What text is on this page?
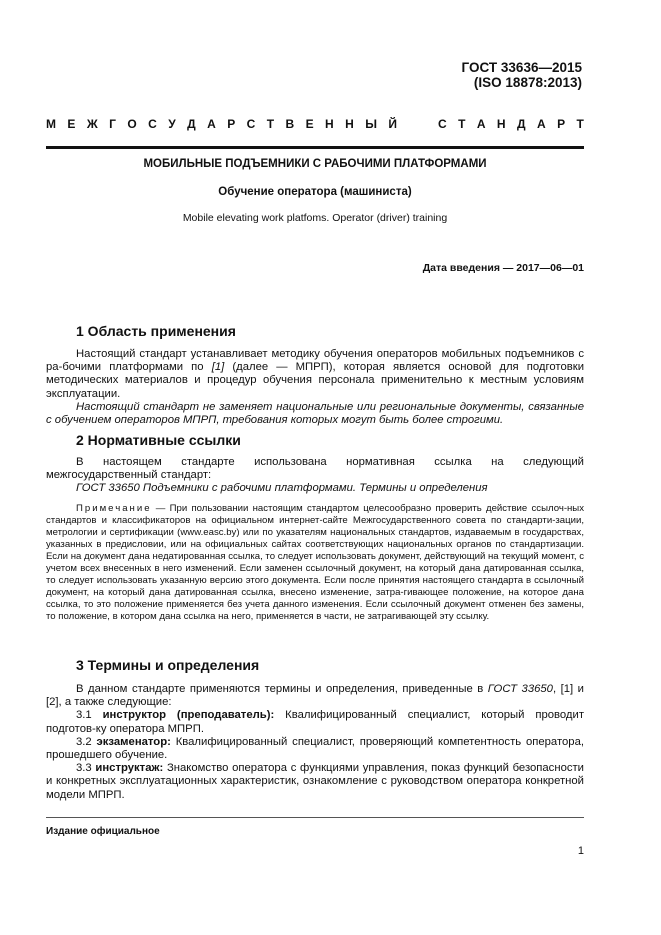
ГОСТ 33636—2015
(ISO 18878:2013)
М Е Ж Г О С У Д А Р С Т В Е Н Н Ы Й

	С Т А Н Д А Р Т
МОБИЛЬНЫЕ ПОДЪЕМНИКИ С РАБОЧИМИ ПЛАТФОРМАМИ
Обучение оператора (машиниста)
Mobile elevating work platfoms. Operator (driver) training
Дата введения — 2017—06—01
1 Область применения

Настоящий стандарт устанавливает методику обучения операторов мобильных подъемников с ра-бочими платформами по [1] (далее — МПРП), которая является основой для подготовки методических материалов и процедур обучения персонала применительно к местным условиям эксплуатации.

Настоящий стандарт не заменяет национальные или региональные документы, связанные с обучением операторов МПРП, требования которых могут быть более строгими.

2 Нормативные ссылки

В настоящем стандарте использована нормативная ссылка на следующий межгосударственный стандарт:

ГОСТ 33650 Подъемники с рабочими платформами. Термины и определения

Примечание — При пользовании настоящим стандартом целесообразно проверить действие ссылоч-ных стандартов и классификаторов на официальном интернет-сайте Межгосударственного совета по стандарти-зации, метрологии и сертификации (www.easc.by) или по указателям национальных стандартов, издаваемым в государствах, указанных в предисловии, или на официальных сайтах соответствующих национальных органов по стандартизации. Если на документ дана недатированная ссылка, то следует использовать документ, действующий на текущий момент, с учетом всех внесенных в него изменений. Если заменен ссылочный документ, на который дана датированная ссылка, то следует использовать указанную версию этого документа. Если после принятия настоящего стандарта в ссылочный документ, на который дана датированная ссылка, внесено изменение, затра-гивающее положение, на которое дана ссылка, то это положение применяется без учета данного изменения. Если ссылочный документ отменен без замены, то положение, в котором дана ссылка на него, применяется в части, не затрагивающей эту ссылку.

3 Термины и определения

В данном стандарте применяются термины и определения, приведенные в ГОСТ 33650, [1] и [2], а также следующие:

3.1 инструктор (преподаватель): Квалифицированный специалист, который проводит подготов-ку оператора МПРП.

3.2 экзаменатор: Квалифицированный специалист, проверяющий компетентность оператора, прошедшего обучение.

3.3 инструктаж: Знакомство оператора с функциями управления, показ функций безопасности и конкретных эксплуатационных характеристик, ознакомление с руководством оператора конкретной модели МПРП.

Издание официальное
1
